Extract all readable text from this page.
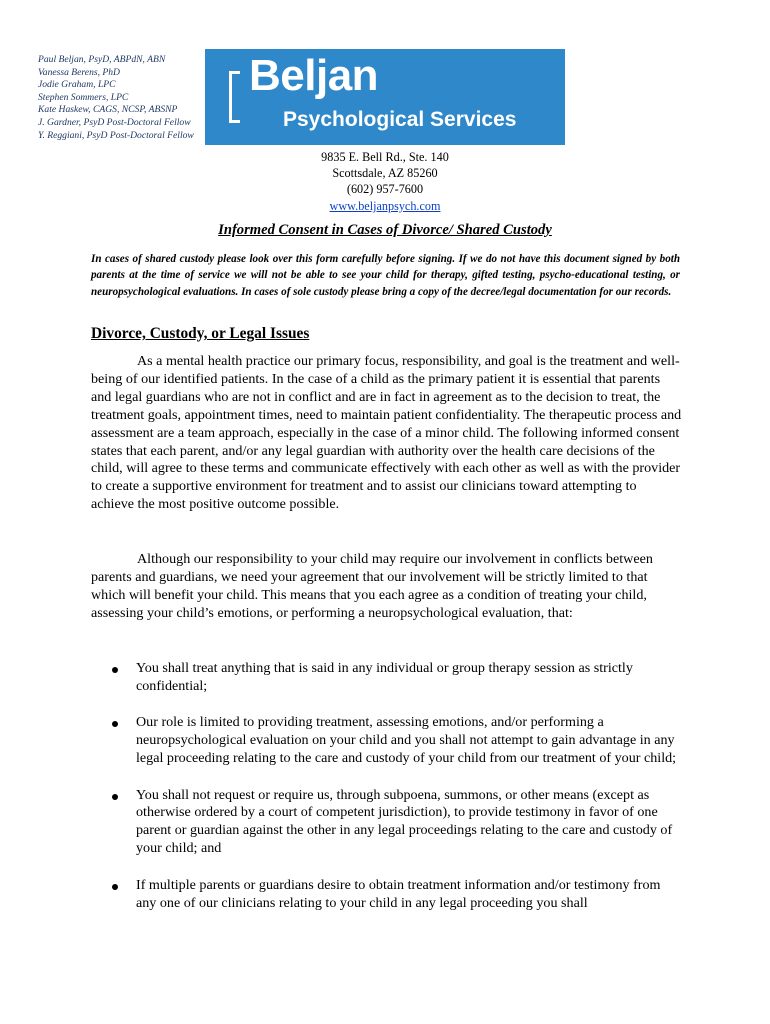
Paul Beljan, PsyD, ABPdN, ABN
Vanessa Berens, PhD
Jodie Graham, LPC
Stephen Sommers, LPC
Kate Haskew, CAGS, NCSP, ABSNP
J. Gardner, PsyD Post-Doctoral Fellow
Y. Reggiani, PsyD Post-Doctoral Fellow
Beljan
Psychological Services
9835 E. Bell Rd., Ste. 140
Scottsdale, AZ 85260
(602) 957-7600
www.beljanpsych.com
Informed Consent in Cases of Divorce/ Shared Custody
In cases of shared custody please look over this form carefully before signing. If we do not have this document signed by both parents at the time of service we will not be able to see your child for therapy, gifted testing, psycho-educational testing, or neuropsychological evaluations. In cases of sole custody please bring a copy of the decree/legal documentation for our records.
Divorce, Custody, or Legal Issues
As a mental health practice our primary focus, responsibility, and goal is the treatment and well-being of our identified patients. In the case of a child as the primary patient it is essential that parents and legal guardians who are not in conflict and are in fact in agreement as to the decision to treat, the treatment goals, appointment times, need to maintain patient confidentiality. The therapeutic process and assessment are a team approach, especially in the case of a minor child. The following informed consent states that each parent, and/or any legal guardian with authority over the health care decisions of the child, will agree to these terms and communicate effectively with each other as well as with the provider to create a supportive environment for treatment and to assist our clinicians toward attempting to achieve the most positive outcome possible.
Although our responsibility to your child may require our involvement in conflicts between parents and guardians, we need your agreement that our involvement will be strictly limited to that which will benefit your child. This means that you each agree as a condition of treating your child, assessing your child’s emotions, or performing a neuropsychological evaluation, that:
You shall treat anything that is said in any individual or group therapy session as strictly confidential;
Our role is limited to providing treatment, assessing emotions, and/or performing a neuropsychological evaluation on your child and you shall not attempt to gain advantage in any legal proceeding relating to the care and custody of your child from our treatment of your child;
You shall not request or require us, through subpoena, summons, or other means (except as otherwise ordered by a court of competent jurisdiction), to provide testimony in favor of one parent or guardian against the other in any legal proceedings relating to the care and custody of your child; and
If multiple parents or guardians desire to obtain treatment information and/or testimony from any one of our clinicians relating to your child in any legal proceeding you shall
